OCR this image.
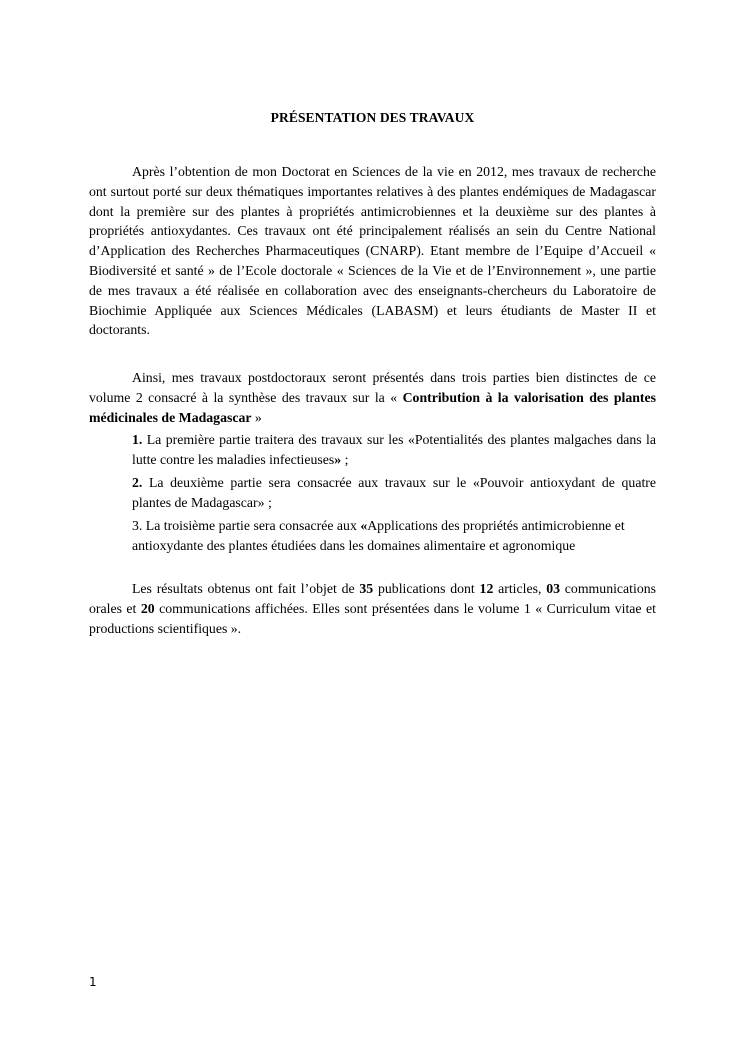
PRÉSENTATION DES TRAVAUX

Après l’obtention de mon Doctorat en Sciences de la vie en 2012, mes travaux de recherche ont surtout porté sur deux thématiques importantes relatives à des plantes endémiques de Madagascar dont la première sur des plantes à propriétés antimicrobiennes et la deuxième sur des plantes à propriétés antioxydantes. Ces travaux ont été principalement réalisés an sein du Centre National d’Application des Recherches Pharmaceutiques (CNARP). Etant membre de l’Equipe d’Accueil « Biodiversité et santé » de l’Ecole doctorale « Sciences de la Vie et de l’Environnement », une partie de mes travaux a été réalisée en collaboration avec des enseignants-chercheurs du Laboratoire de Biochimie Appliquée aux Sciences Médicales (LABASM) et leurs étudiants de Master II et doctorants.

Ainsi, mes travaux postdoctoraux seront présentés dans trois parties bien distinctes de ce volume 2 consacré à la synthèse des travaux sur la « Contribution à la valorisation des plantes médicinales de Madagascar »

1. La première partie traitera des travaux sur les «Potentialités des plantes malgaches dans la lutte contre les maladies infectieuses» ;

2. La deuxième partie sera consacrée aux travaux sur le «Pouvoir antioxydant de quatre plantes de Madagascar» ;

3. La troisième partie sera consacrée aux «Applications des propriétés antimicrobienne et antioxydante des plantes étudiées dans les domaines alimentaire et agronomique

Les résultats obtenus ont fait l’objet de 35 publications dont 12 articles, 03 communications orales et 20 communications affichées. Elles sont présentées dans le volume 1 « Curriculum vitae et productions scientifiques ».

1
